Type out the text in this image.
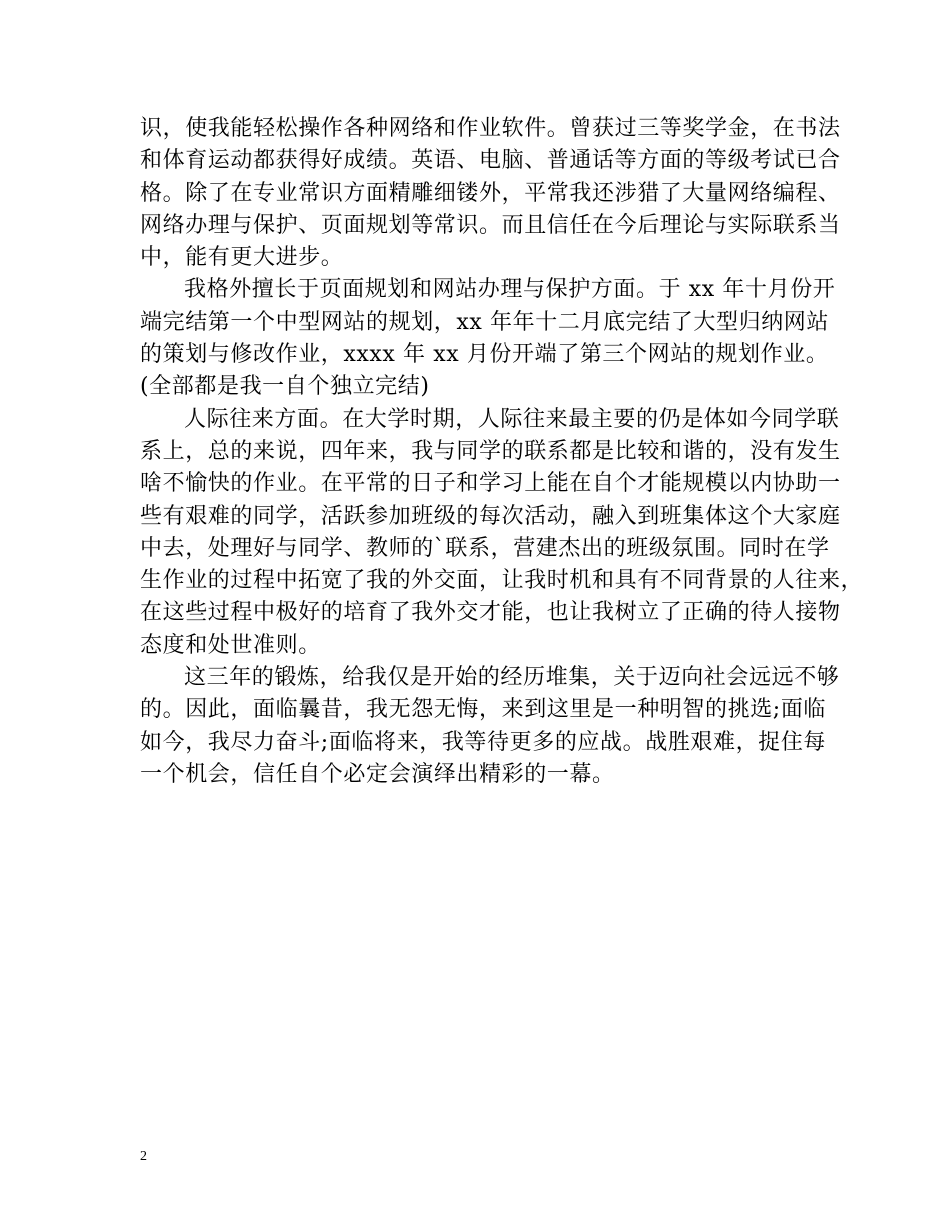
识，使我能轻松操作各种网络和作业软件。曾获过三等奖学金，在书法
和体育运动都获得好成绩。英语、电脑、普通话等方面的等级考试已合
格。除了在专业常识方面精雕细镂外，平常我还涉猎了大量网络编程、
网络办理与保护、页面规划等常识。而且信任在今后理论与实际联系当
中，能有更大进步。
我格外擅长于页面规划和网站办理与保护方面。于 xx 年十月份开
端完结第一个中型网站的规划，xx 年年十二月底完结了大型归纳网站
的策划与修改作业，xxxx 年 xx 月份开端了第三个网站的规划作业。
(全部都是我一自个独立完结)
人际往来方面。在大学时期，人际往来最主要的仍是体如今同学联
系上，总的来说，四年来，我与同学的联系都是比较和谐的，没有发生
啥不愉快的作业。在平常的日子和学习上能在自个才能规模以内协助一
些有艰难的同学，活跃参加班级的每次活动，融入到班集体这个大家庭
中去，处理好与同学、教师的`联系，营建杰出的班级氛围。同时在学
生作业的过程中拓宽了我的外交面，让我时机和具有不同背景的人往来，
在这些过程中极好的培育了我外交才能，也让我树立了正确的待人接物
态度和处世准则。
这三年的锻炼，给我仅是开始的经历堆集，关于迈向社会远远不够
的。因此，面临曩昔，我无怨无悔，来到这里是一种明智的挑选;面临
如今，我尽力奋斗;面临将来，我等待更多的应战。战胜艰难，捉住每
一个机会，信任自个必定会演绎出精彩的一幕。
2
